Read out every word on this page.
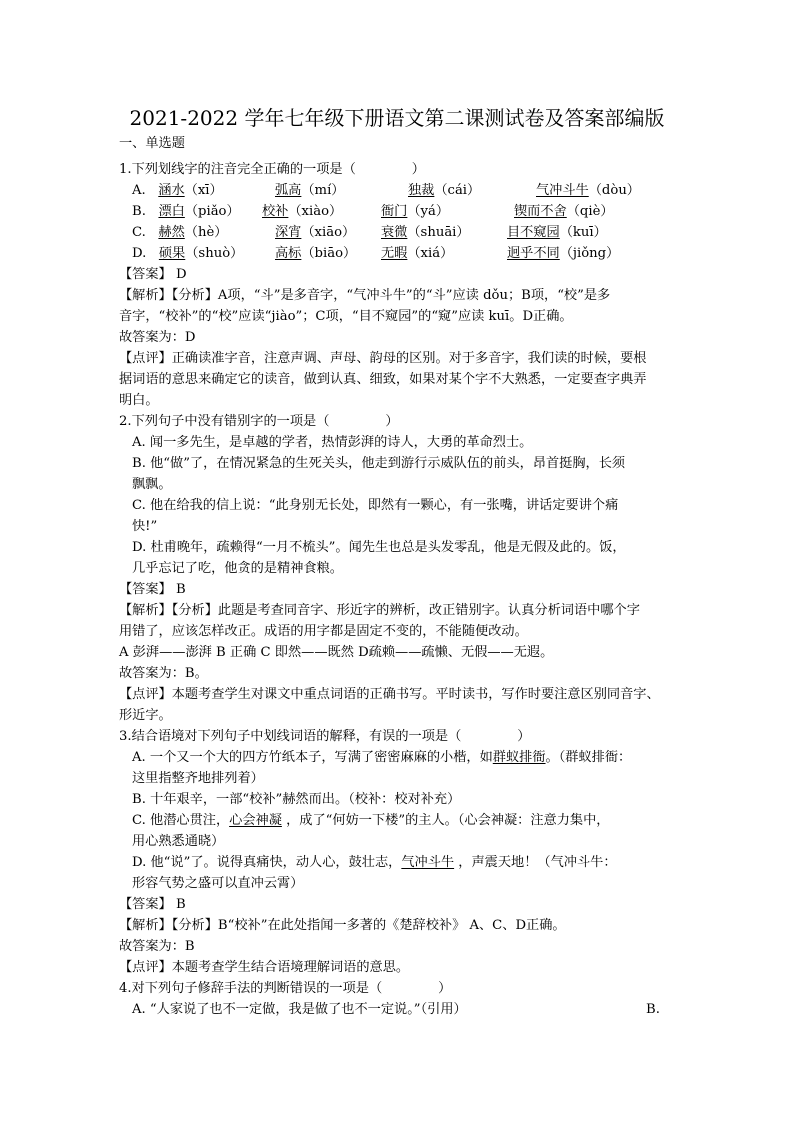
2021-2022 学年七年级下册语文第二课测试卷及答案部编版
一、单选题
1.下列划线字的注音完全正确的一项是（	）
A. 涵水（xī）	弧高（mí）	独裁（cái）	气冲斗牛（dòu）
B. 漂白（piǎo） 校补（xiào）	衙门（yá）	锲而不舍（qiè）
C. 赫然（hè）	深宵（xiāo） 衰微（shuāi）	目不窥园（kuī）
D. 硕果（shuò） 高标（biāo） 无暇（xiá）	迥乎不同（jiǒng）
【答案】 D
【解析】【分析】A项，“斗”是多音字，“气冲斗牛”的“斗”应读 dǒu；B项，“校”是多
音字，“校补”的“校”应读“jiào”；C项，“目不窥园”的“窥”应读 kuī。D正确。
故答案为：D
【点评】正确读准字音，注意声调、声母、韵母的区别。对于多音字，我们读的时候，要根
据词语的意思来确定它的读音，做到认真、细致，如果对某个字不大熟悉，一定要查字典弄
明白。
2.下列句子中没有错别字的一项是（	）
A. 闻一多先生，是卓越的学者，热情彭湃的诗人，大勇的革命烈士。
B. 他“做”了，在情况紧急的生死关头，他走到游行示威队伍的前头，昂首挺胸，长须
飘飘。
C. 他在给我的信上说：“此身别无长处，即然有一颗心，有一张嘴，讲话定要讲个痛
快!”
D. 杜甫晚年，疏赖得“一月不梳头”。闻先生也总是头发零乱，他是无假及此的。饭，
几乎忘记了吃，他贪的是精神食粮。
【答案】 B
【解析】【分析】此题是考查同音字、形近字的辨析，改正错别字。认真分析词语中哪个字
用错了，应该怎样改正。成语的用字都是固定不变的，不能随便改动。
A 彭湃——澎湃 B 正确 C 即然——既然 D疏赖——疏懒、无假——无遐。
故答案为：B。
【点评】本题考查学生对课文中重点词语的正确书写。平时读书，写作时要注意区别同音字、
形近字。
3.结合语境对下列句子中划线词语的解释，有误的一项是（	）
A. 一个又一个大的四方竹纸本子，写满了密密麻麻的小楷，如群蚁排衙。（群蚁排衙：
这里指整齐地排列着）
B. 十年艰辛，一部“校补”赫然而出。（校补：校对补充）
C. 他潜心贯注，心会神凝 ，成了“何妨一下楼”的主人。（心会神凝：注意力集中，
用心熟悉通晓）
D. 他“说”了。说得真痛快，动人心，鼓壮志，气冲斗牛 ，声震天地！（气冲斗牛：
形容气势之盛可以直冲云霄）
【答案】 B
【解析】【分析】B“校补”在此处指闻一多著的《楚辞校补》 A、C、D正确。
故答案为：B
【点评】本题考查学生结合语境理解词语的意思。
4.对下列句子修辞手法的判断错误的一项是（	）
A. “人家说了也不一定做，我是做了也不一定说。”（引用）	B.
